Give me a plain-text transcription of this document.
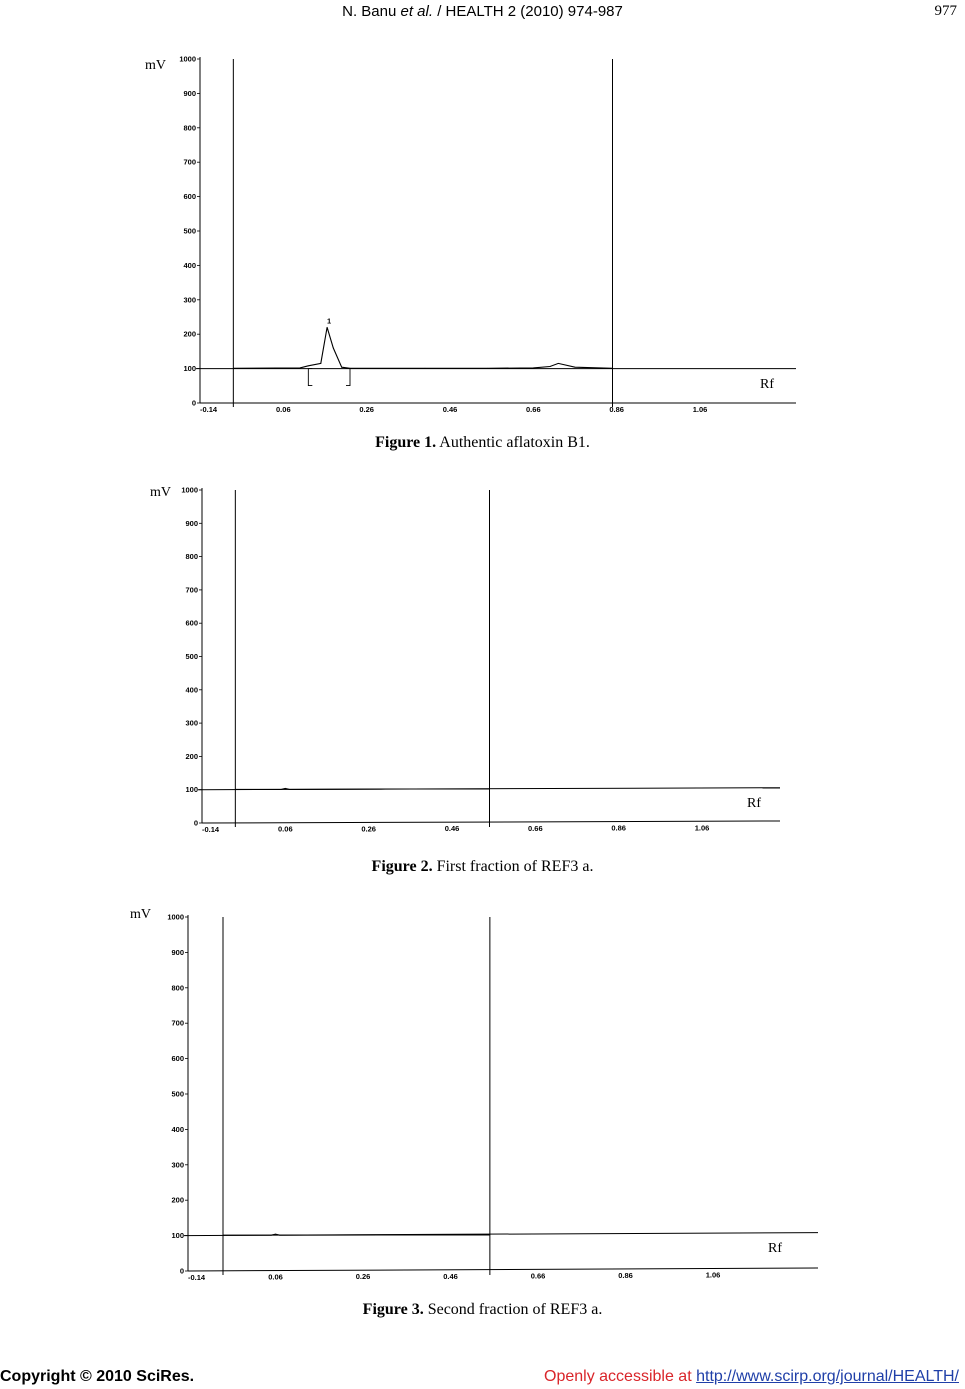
N. Banu et al. / HEALTH 2 (2010) 974-987	977
0
100
200
300
400
500
600
700
800
900
1000
-0.14	0.06	0.26	0.46	0.66	0.86	1.06
1
mV
Rf
Figure 1. Authentic aflatoxin B1.
0
100
200
300
400
500
600
700
800
900
1000
-0.14	0.06	0.26	0.46	0.66	0.86	1.06
mV
Rf
Figure 2. First fraction of REF3 a.
0
100
200
300
400
500
600
700
800
900
1000
-0.14	0.06	0.26	0.46	0.66	0.86	1.06
mV
Rf
Figure 3. Second fraction of REF3 a.
Copyright © 2010 SciRes.	Openly accessible at http://www.scirp.org/journal/HEALTH/
